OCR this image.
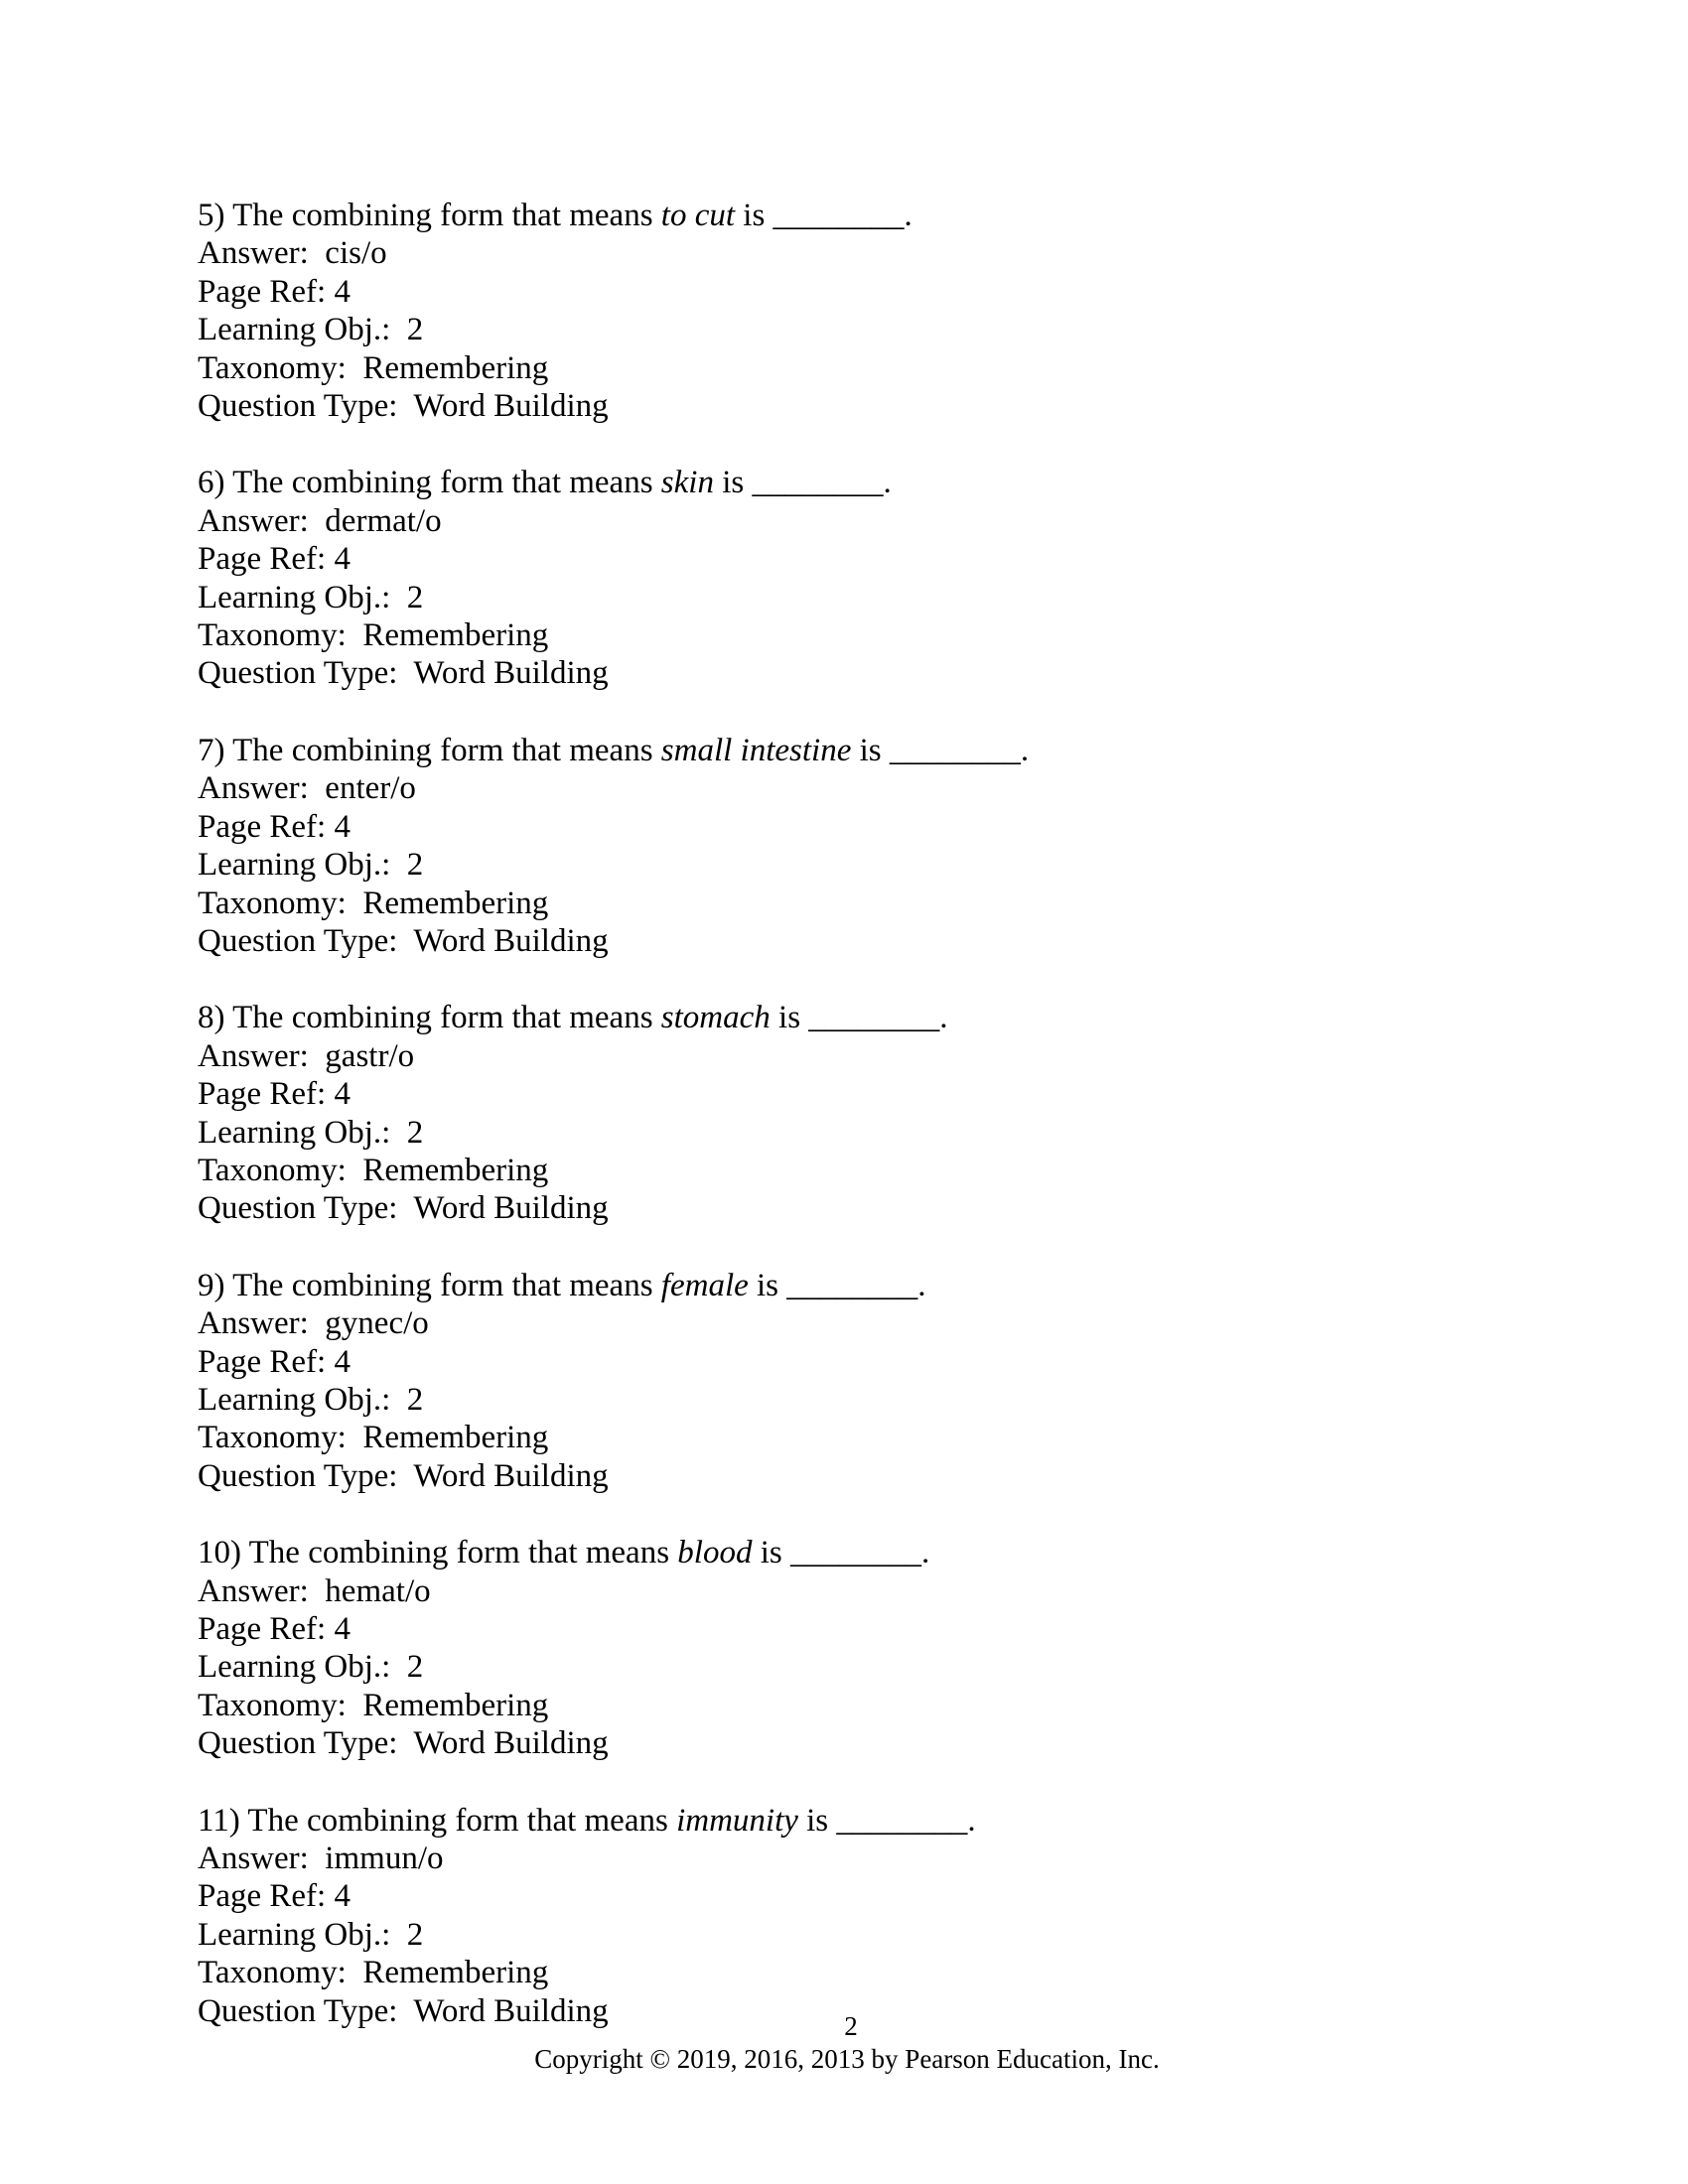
5) The combining form that means to cut is ________.
Answer:  cis/o
Page Ref: 4
Learning Obj.:  2
Taxonomy:  Remembering
Question Type:  Word Building
6) The combining form that means skin is ________.
Answer:  dermat/o
Page Ref: 4
Learning Obj.:  2
Taxonomy:  Remembering
Question Type:  Word Building
7) The combining form that means small intestine is ________.
Answer:  enter/o
Page Ref: 4
Learning Obj.:  2
Taxonomy:  Remembering
Question Type:  Word Building
8) The combining form that means stomach is ________.
Answer:  gastr/o
Page Ref: 4
Learning Obj.:  2
Taxonomy:  Remembering
Question Type:  Word Building
9) The combining form that means female is ________.
Answer:  gynec/o
Page Ref: 4
Learning Obj.:  2
Taxonomy:  Remembering
Question Type:  Word Building
10) The combining form that means blood is ________.
Answer:  hemat/o
Page Ref: 4
Learning Obj.:  2
Taxonomy:  Remembering
Question Type:  Word Building
11) The combining form that means immunity is ________.
Answer:  immun/o
Page Ref: 4
Learning Obj.:  2
Taxonomy:  Remembering
Question Type:  Word Building	2
Copyright © 2019, 2016, 2013 by Pearson Education, Inc.
